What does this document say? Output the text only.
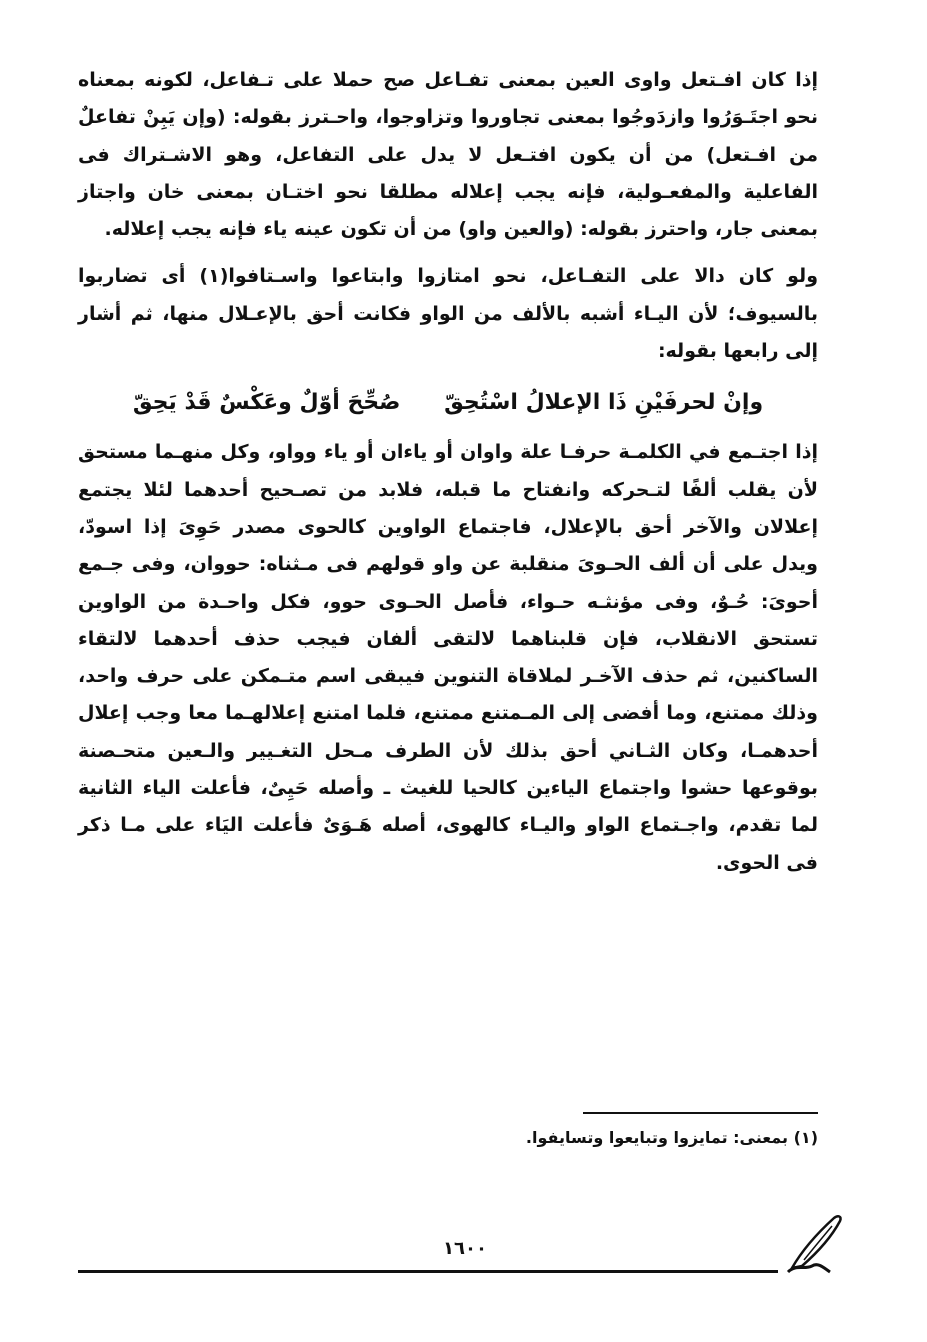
إذا كان افـتعل واوى العين بمعنى تفـاعل صح حملا على تـفاعل، لكونه بمعناه نحو اجتَـوَرُوا وازدَوجُوا بمعنى تجاوروا وتزاوجوا، واحـترز بقوله: (وإن يَبِنْ تفاعلٌ من افـتعل) من أن يكون افتـعل لا يدل على التفاعل، وهو الاشـتراك فى الفاعلية والمفعـولية، فإنه يجب إعلاله مطلقا نحو اختـان بمعنى خان واجتاز بمعنى جار، واحترز بقوله: (والعين واو) من أن تكون عينه ياء فإنه يجب إعلاله.

ولو كان دالا على التفـاعل، نحو امتازوا وابتاعوا واسـتافوا(١) أى تضاربوا بالسيوف؛ لأن اليـاء أشبه بالألف من الواو فكانت أحق بالإعـلال منها، ثم أشار إلى رابعها بقوله:

وإنْ لحرفَيْنِ ذَا الإعلالُ اسْتُحِقّ صُحِّحَ أوّلٌ وعَكْسٌ قَدْ يَحِقّ

إذا اجتـمع في الكلمـة حرفـا علة واوان أو ياءان أو ياء وواو، وكل منهـما مستحق لأن يقلب ألفًا لتـحركه وانفتاح ما قبله، فلابد من تصـحيح أحدهما لئلا يجتمع إعلالان والآخر أحق بالإعلال، فاجتماع الواوين كالحوى مصدر حَوِىَ إذا اسودّ، ويدل على أن ألف الحـوىَ منقلبة عن واو قولهم فى مـثناه: حووان، وفى جـمع أحوىَ: حُـوٌ، وفى مؤنثـه حـواء، فأصل الحـوى حوو، فكل واحـدة من الواوين تستحق الانقلاب، فإن قلبناهما لالتقى ألفان فيجب حذف أحدهما لالتقاء الساكنين، ثم حذف الآخـر لملاقاة التنوين فيبقى اسم متـمكن على حرف واحد، وذلك ممتنع، وما أفضى إلى المـمتنع ممتنع، فلما امتنع إعلالهـما معا وجب إعلال أحدهمـا، وكان الثـاني أحق بذلك لأن الطرف مـحل التغـيير والـعين متحـصنة بوقوعها حشوا واجتماع الياءين كالحيا للغيث ـ وأصله حَيِىٌ، فأعلت الياء الثانية لما تقدم، واجـتماع الواو واليـاء كالهوى، أصله هَـوَىٌ فأعلت اليَاء على مـا ذكر فى الحوى.

(١) بمعنى: تمايزوا وتبايعوا وتسايفوا.
١٦٠٠
